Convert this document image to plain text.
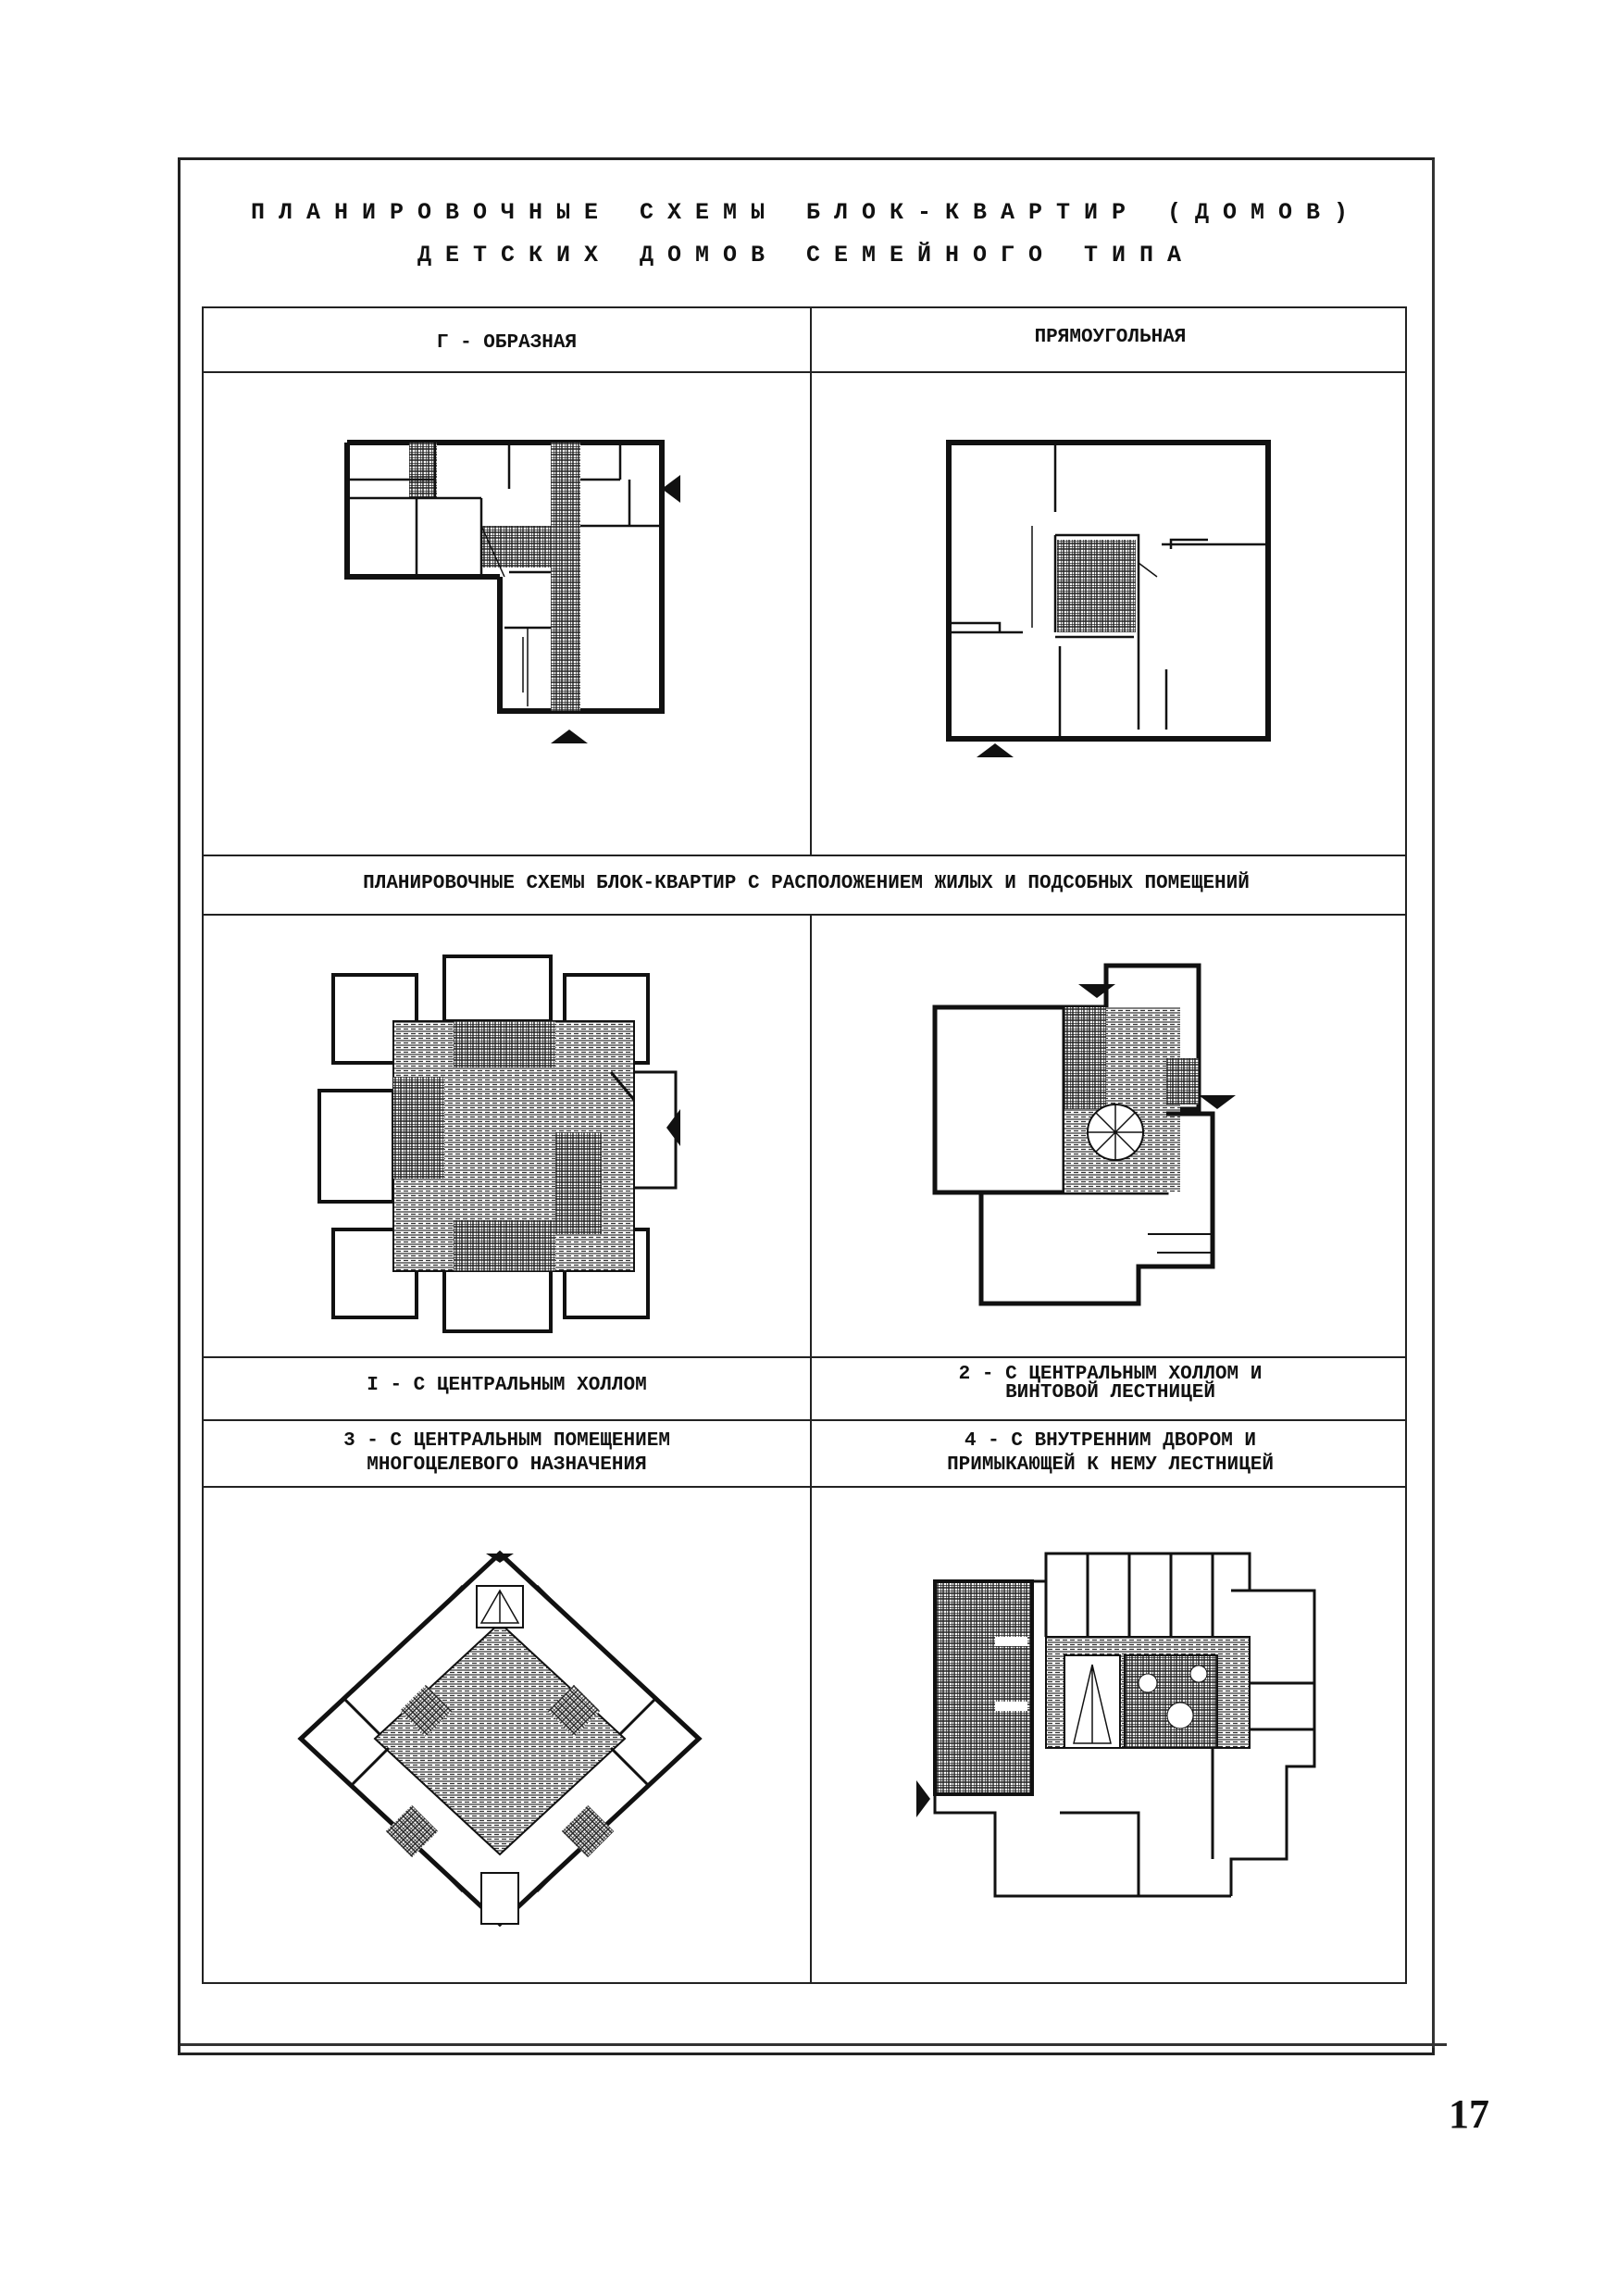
ПЛАНИРОВОЧНЫЕ СХЕМЫ БЛОК-КВАРТИР (ДОМОВ)
ДЕТСКИХ ДОМОВ СЕМЕЙНОГО ТИПА
Г - ОБРАЗНАЯ	ПРЯМОУГОЛЬНАЯ
ПЛАНИРОВОЧНЫЕ СХЕМЫ БЛОК-КВАРТИР С РАСПОЛОЖЕНИЕМ ЖИЛЫХ И ПОДСОБНЫХ ПОМЕЩЕНИЙ
I - С ЦЕНТРАЛЬНЫМ ХОЛЛОМ
2 - С ЦЕНТРАЛЬНЫМ ХОЛЛОМ И
ВИНТОВОЙ ЛЕСТНИЦЕЙ
3 - С ЦЕНТРАЛЬНЫМ ПОМЕЩЕНИЕМ
МНОГОЦЕЛЕВОГО НАЗНАЧЕНИЯ
4 - С ВНУТРЕННИМ ДВОРОМ И
ПРИМЫКАЮЩЕЙ К НЕМУ ЛЕСТНИЦЕЙ
17
